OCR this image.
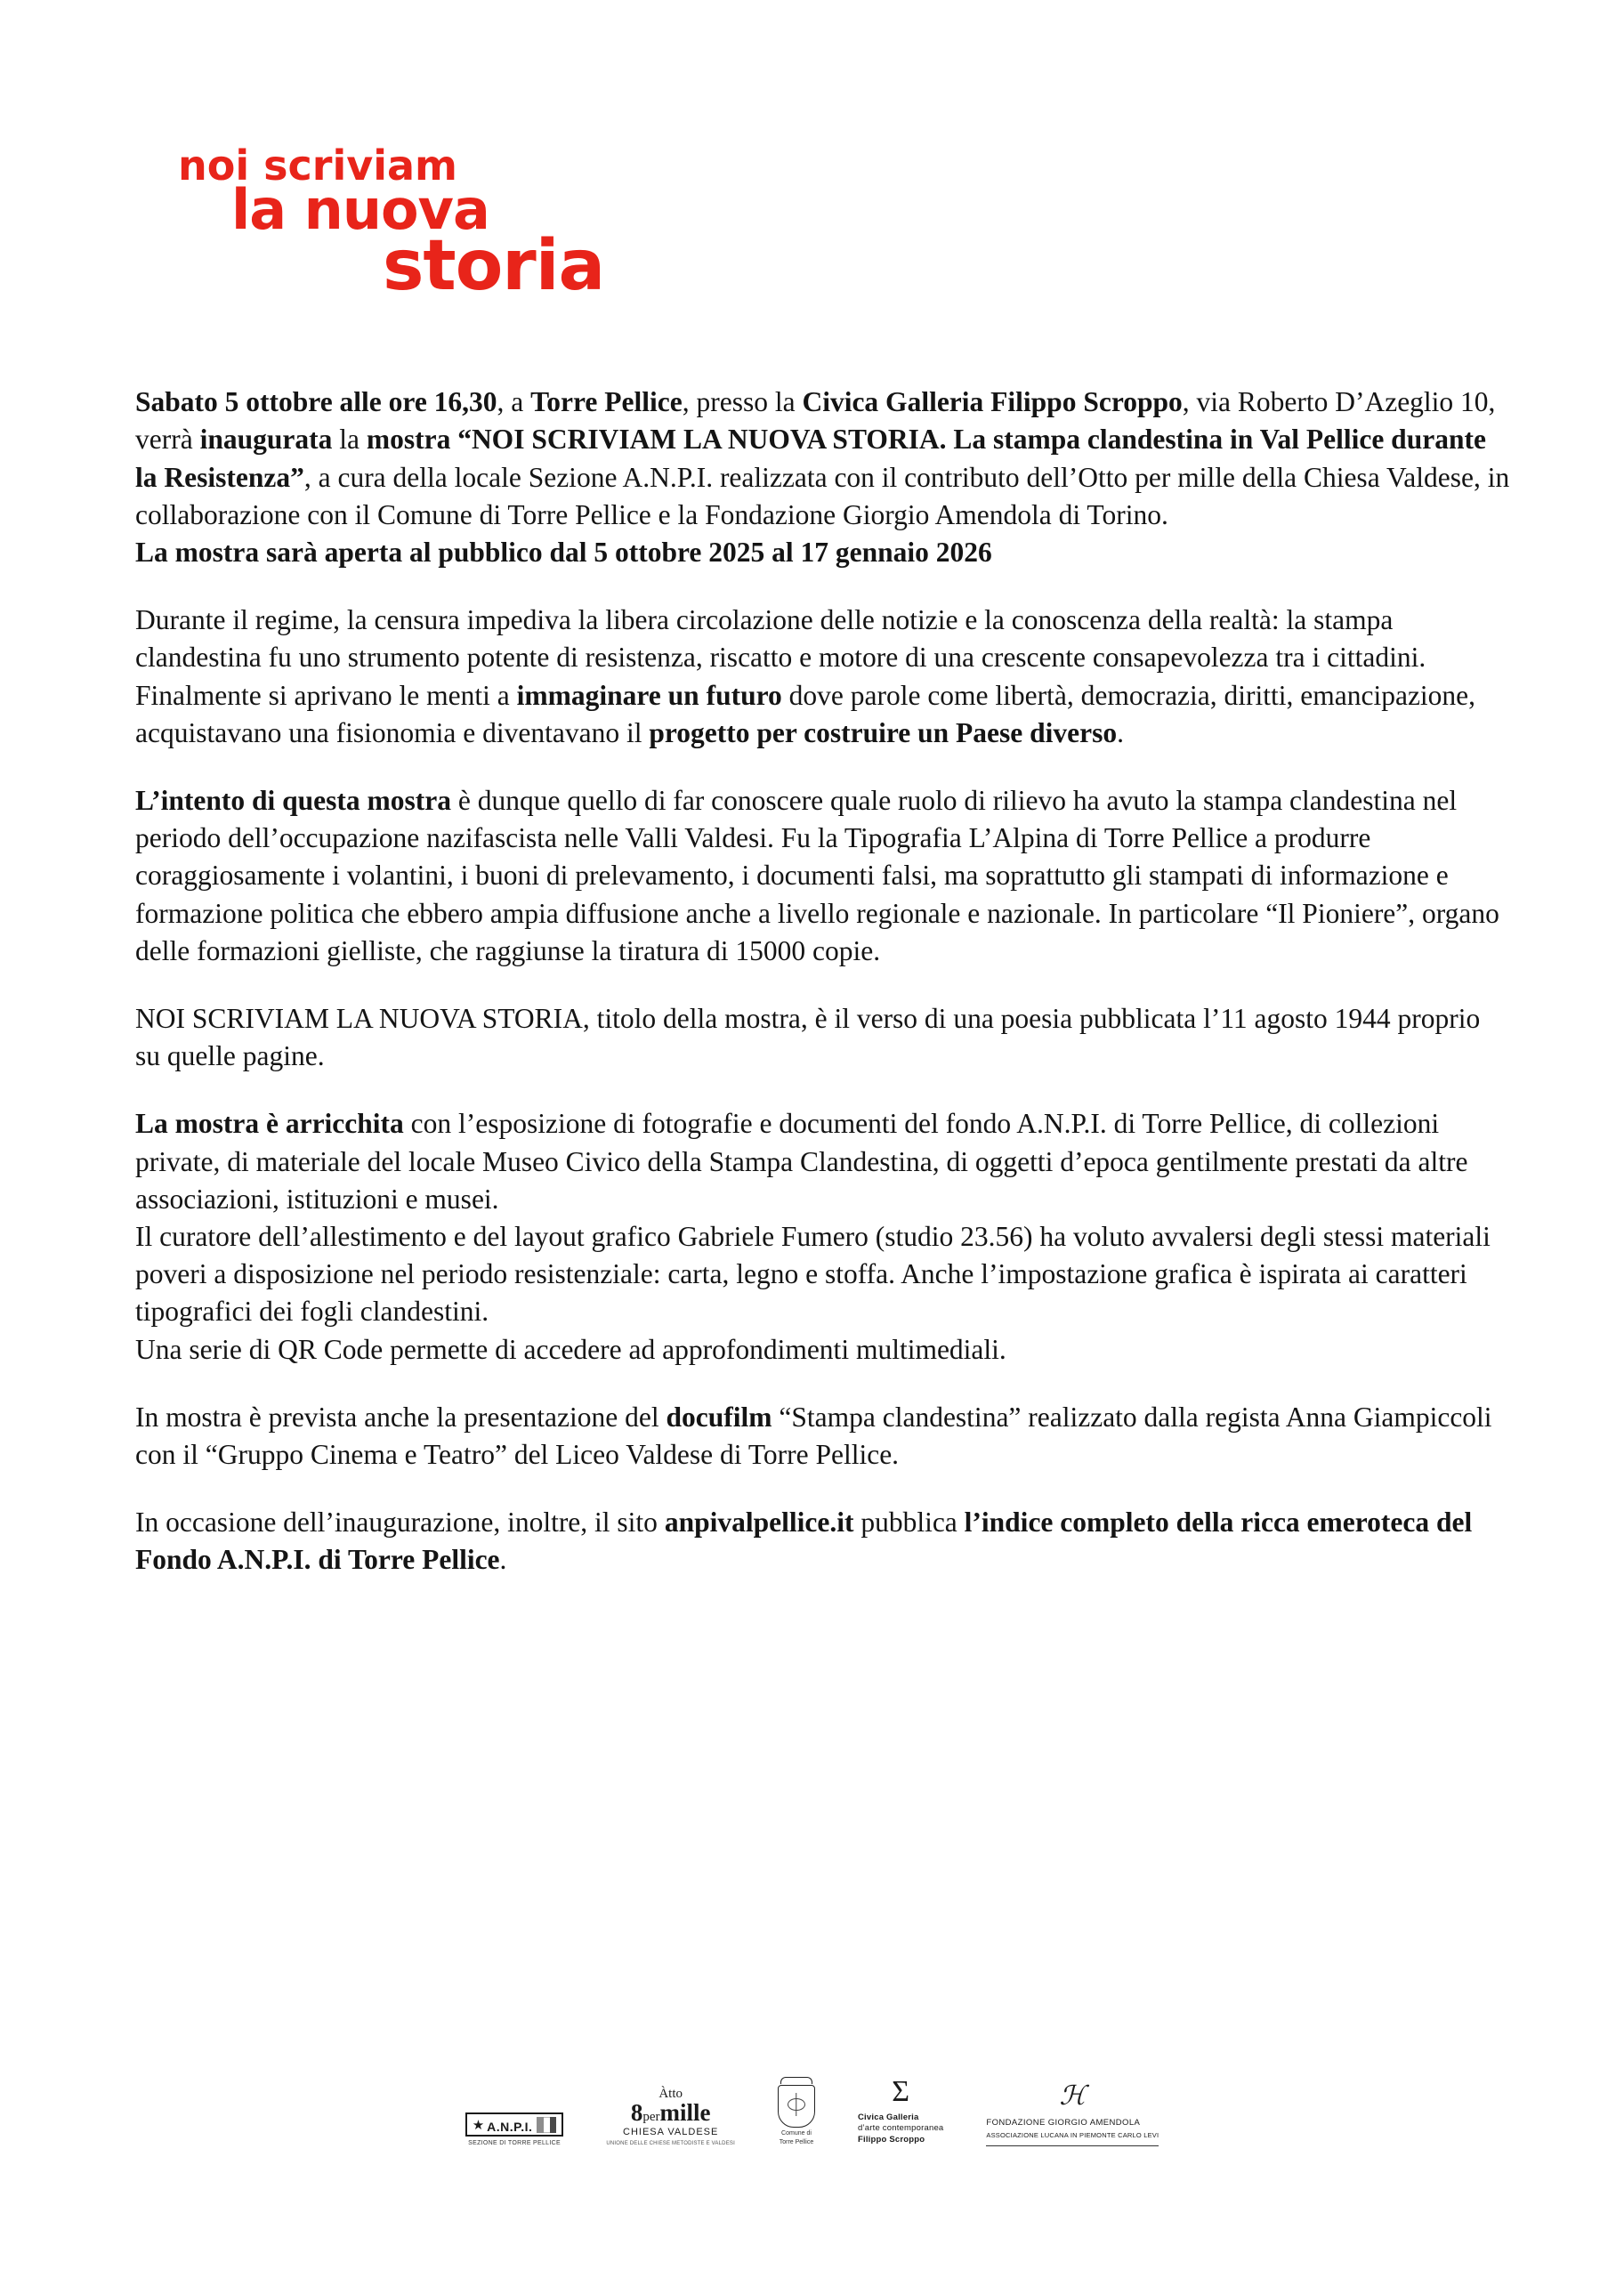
noi scriviam
la nuova
storia

Sabato 5 ottobre alle ore 16,30, a Torre Pellice, presso la Civica Galleria Filippo Scroppo, via Roberto D’Azeglio 10, verrà inaugurata la mostra “NOI SCRIVIAM LA NUOVA STORIA. La stampa clandestina in Val Pellice durante la Resistenza”, a cura della locale Sezione A.N.P.I. realizzata con il contributo dell’Otto per mille della Chiesa Valdese, in collaborazione con il Comune di Torre Pellice e la Fondazione Giorgio Amendola di Torino.
La mostra sarà aperta al pubblico dal 5 ottobre 2025 al 17 gennaio 2026

Durante il regime, la censura impediva la libera circolazione delle notizie e la conoscenza della realtà: la stampa clandestina fu uno strumento potente di resistenza, riscatto e motore di una crescente consapevolezza tra i cittadini. Finalmente si aprivano le menti a immaginare un futuro dove parole come libertà, democrazia, diritti, emancipazione, acquistavano una fisionomia e diventavano il progetto per costruire un Paese diverso.

L’intento di questa mostra è dunque quello di far conoscere quale ruolo di rilievo ha avuto la stampa clandestina nel periodo dell’occupazione nazifascista nelle Valli Valdesi. Fu la Tipografia L’Alpina di Torre Pellice a produrre coraggiosamente i volantini, i buoni di prelevamento, i documenti falsi, ma soprattutto gli stampati di informazione e formazione politica che ebbero ampia diffusione anche a livello regionale e nazionale. In particolare “Il Pioniere”, organo delle formazioni gielliste, che raggiunse la tiratura di 15000 copie.

NOI SCRIVIAM LA NUOVA STORIA, titolo della mostra, è il verso di una poesia pubblicata l’11 agosto 1944 proprio su quelle pagine.

La mostra è arricchita con l’esposizione di fotografie e documenti del fondo A.N.P.I. di Torre Pellice, di collezioni private, di materiale del locale Museo Civico della Stampa Clandestina, di oggetti d’epoca gentilmente prestati da altre associazioni, istituzioni e musei.
Il curatore dell’allestimento e del layout grafico Gabriele Fumero (studio 23.56) ha voluto avvalersi degli stessi materiali poveri a disposizione nel periodo resistenziale: carta, legno e stoffa. Anche l’impostazione grafica è ispirata ai caratteri tipografici dei fogli clandestini.
Una serie di QR Code permette di accedere ad approfondimenti multimediali.

In mostra è prevista anche la presentazione del docufilm “Stampa clandestina” realizzato dalla regista Anna Giampiccoli con il “Gruppo Cinema e Teatro” del Liceo Valdese di Torre Pellice.

In occasione dell’inaugurazione, inoltre, il sito anpivalpellice.it pubblica l’indice completo della ricca emeroteca del Fondo A.N.P.I. di Torre Pellice.

★ A.N.P.I.
SEZIONE DI TORRE PELLICE
Àtto
8permille
CHIESA VALDESE
UNIONE DELLE CHIESE METODISTE E VALDESI
Comune di
Torre Pellice
Ʃ
Civica Galleria
d’arte contemporanea
Filippo Scroppo
ℋ
FONDAZIONE GIORGIO AMENDOLA
ASSOCIAZIONE LUCANA IN PIEMONTE CARLO LEVI
